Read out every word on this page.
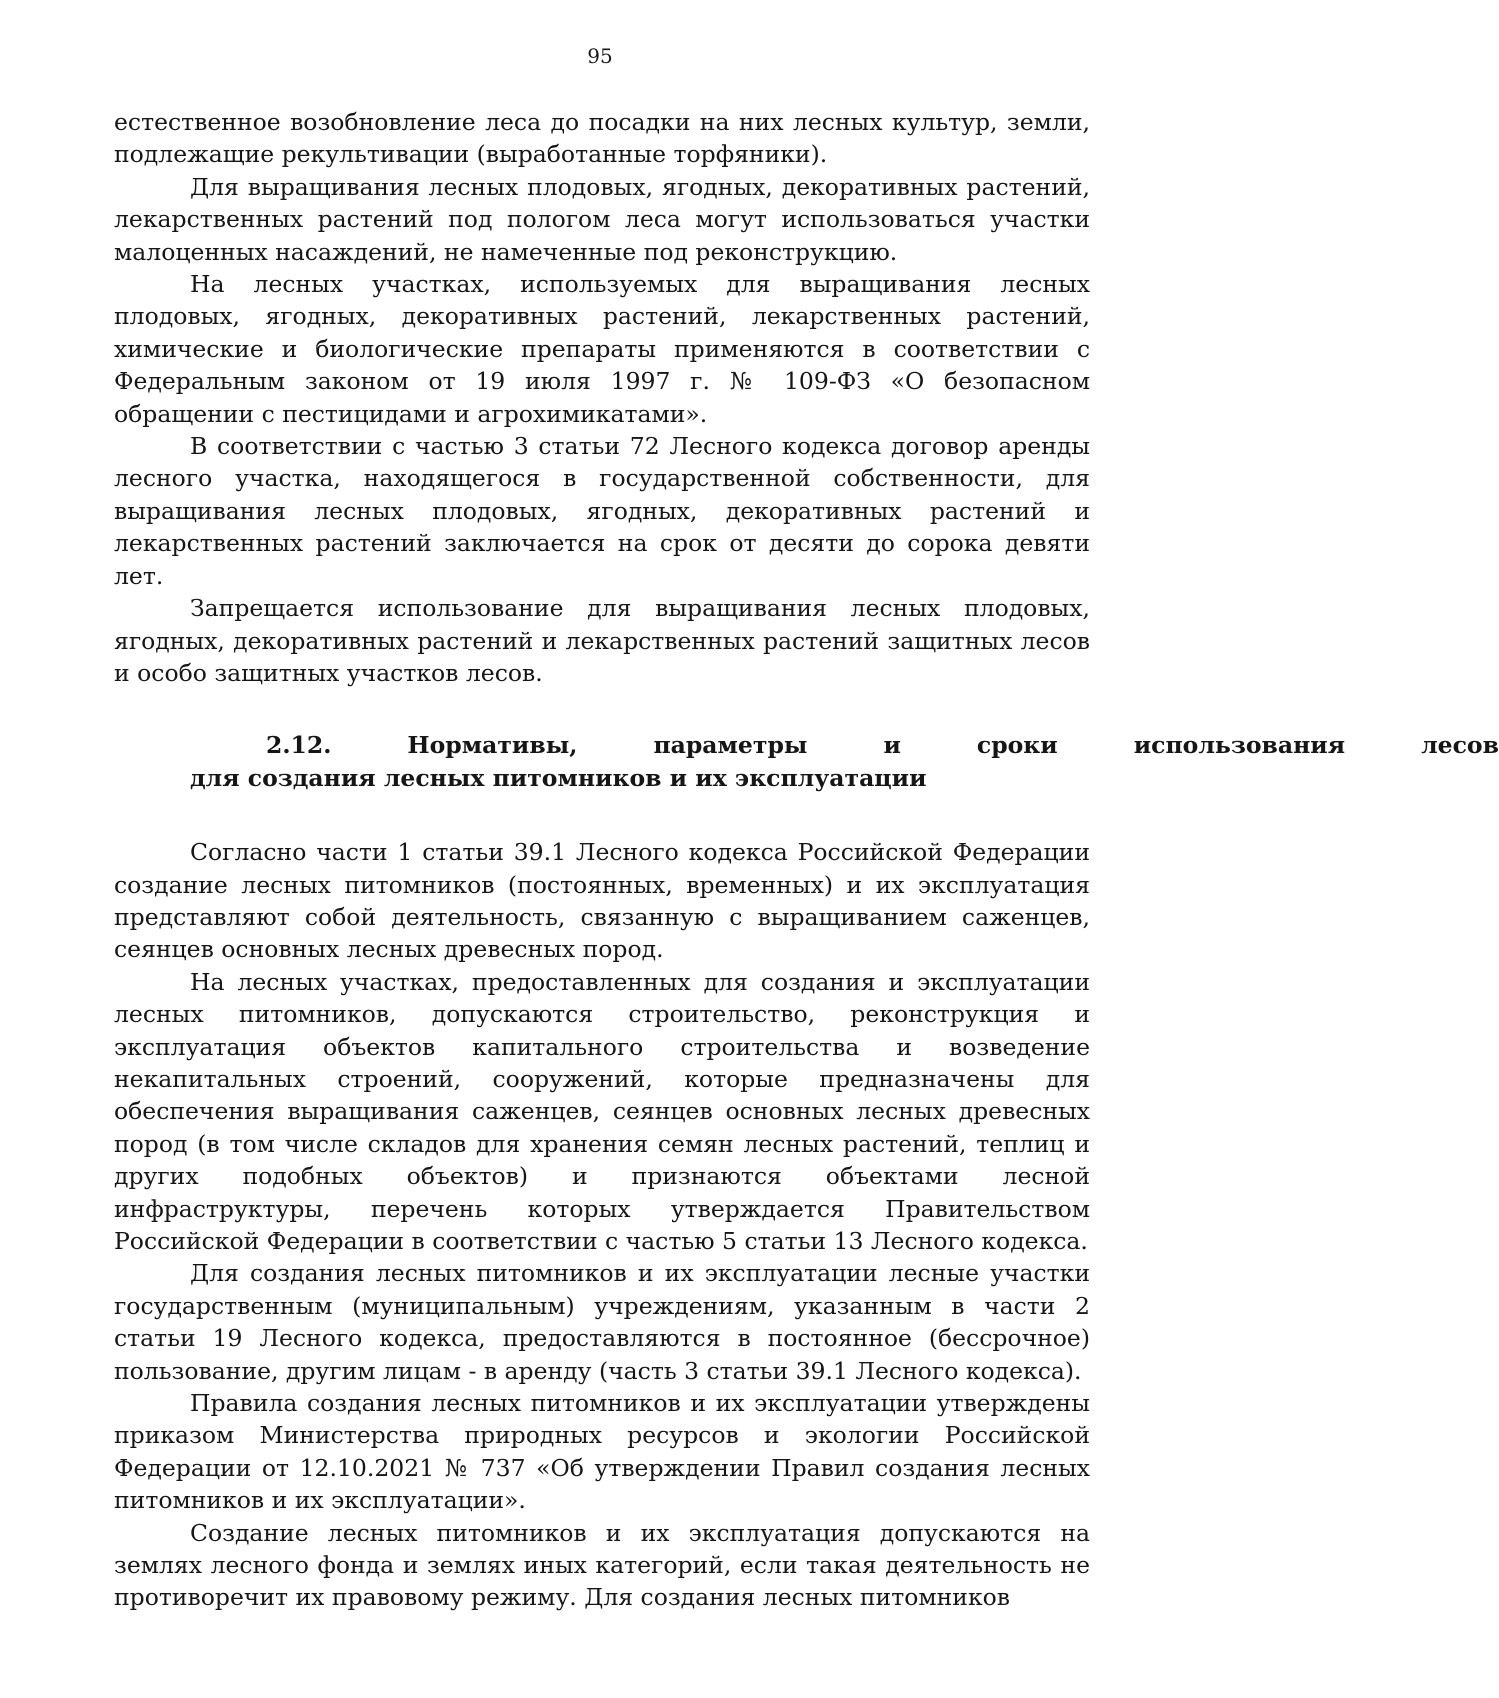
95

естественное возобновление леса до посадки на них лесных культур, земли, подлежащие рекультивации (выработанные торфяники).

Для выращивания лесных плодовых, ягодных, декоративных растений, лекарственных растений под пологом леса могут использоваться участки малоценных насаждений, не намеченные под реконструкцию.

На лесных участках, используемых для выращивания лесных плодовых, ягодных, декоративных растений, лекарственных растений, химические и биологические препараты применяются в соответствии с Федеральным законом от 19 июля 1997 г. № 109-ФЗ «О безопасном обращении с пестицидами и агрохимикатами».

В соответствии с частью 3 статьи 72 Лесного кодекса договор аренды лесного участка, находящегося в государственной собственности, для выращивания лесных плодовых, ягодных, декоративных растений и лекарственных растений заключается на срок от десяти до сорока девяти лет.

Запрещается использование для выращивания лесных плодовых, ягодных, декоративных растений и лекарственных растений защитных лесов и особо защитных участков лесов.

2.12.	Нормативы,	параметры	и	сроки	использования	лесов
для создания лесных питомников и их эксплуатации

Согласно части 1 статьи 39.1 Лесного кодекса Российской Федерации создание лесных питомников (постоянных, временных) и их эксплуатация представляют собой деятельность, связанную с выращиванием саженцев, сеянцев основных лесных древесных пород.

На лесных участках, предоставленных для создания и эксплуатации лесных питомников, допускаются строительство, реконструкция и эксплуатация объектов капитального строительства и возведение некапитальных строений, сооружений, которые предназначены для обеспечения выращивания саженцев, сеянцев основных лесных древесных пород (в том числе складов для хранения семян лесных растений, теплиц и других подобных объектов) и признаются объектами лесной инфраструктуры, перечень которых утверждается Правительством Российской Федерации в соответствии с частью 5 статьи 13 Лесного кодекса.

Для создания лесных питомников и их эксплуатации лесные участки государственным (муниципальным) учреждениям, указанным в части 2 статьи 19 Лесного кодекса, предоставляются в постоянное (бессрочное) пользование, другим лицам - в аренду (часть 3 статьи 39.1 Лесного кодекса).

Правила создания лесных питомников и их эксплуатации утверждены приказом Министерства природных ресурсов и экологии Российской Федерации от 12.10.2021 № 737 «Об утверждении Правил создания лесных питомников и их эксплуатации».

Создание лесных питомников и их эксплуатация допускаются на землях лесного фонда и землях иных категорий, если такая деятельность не противоречит их правовому режиму. Для создания лесных питомников
